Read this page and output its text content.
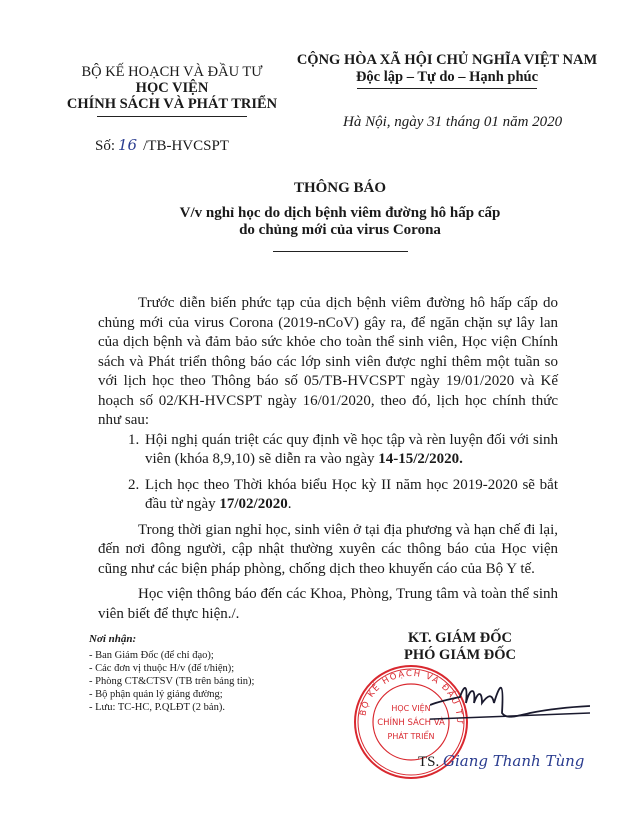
BỘ KẾ HOẠCH VÀ ĐẦU TƯ
HỌC VIỆN
CHÍNH SÁCH VÀ PHÁT TRIỂN
Số: 16 /TB-HVCSPT
CỘNG HÒA XÃ HỘI CHỦ NGHĨA VIỆT NAM
Độc lập – Tự do – Hạnh phúc
Hà Nội, ngày 31 tháng 01 năm 2020
THÔNG BÁO
V/v nghỉ học do dịch bệnh viêm đường hô hấp cấp
do chủng mới của virus Corona

Trước diễn biến phức tạp của dịch bệnh viêm đường hô hấp cấp do chủng mới của virus Corona (2019-nCoV) gây ra, để ngăn chặn sự lây lan của dịch bệnh và đảm bảo sức khỏe cho toàn thể sinh viên, Học viện Chính sách và Phát triển thông báo các lớp sinh viên được nghỉ thêm một tuần so với lịch học theo Thông báo số 05/TB-HVCSPT ngày 19/01/2020 và Kế hoạch số 02/KH-HVCSPT ngày 16/01/2020, theo đó, lịch học chính thức như sau:

1. Hội nghị quán triệt các quy định về học tập và rèn luyện đối với sinh viên (khóa 8,9,10) sẽ diễn ra vào ngày 14-15/2/2020.
2. Lịch học theo Thời khóa biểu Học kỳ II năm học 2019-2020 sẽ bắt đầu từ ngày 17/02/2020.

Trong thời gian nghỉ học, sinh viên ở tại địa phương và hạn chế đi lại, đến nơi đông người, cập nhật thường xuyên các thông báo của Học viện cũng như các biện pháp phòng, chống dịch theo khuyến cáo của Bộ Y tế.

Học viện thông báo đến các Khoa, Phòng, Trung tâm và toàn thể sinh viên biết để thực hiện./.

Nơi nhận:
- Ban Giám Đốc (để chỉ đạo);
- Các đơn vị thuộc H/v (để t/hiện);
- Phòng CT&CTSV (TB trên bảng tin);
- Bộ phận quản lý giảng đường;
- Lưu: TC-HC, P.QLĐT (2 bản).
KT. GIÁM ĐỐC
PHÓ GIÁM ĐỐC
BỘ KẾ HOẠCH VÀ ĐẦU TƯ
HỌC VIỆN
CHÍNH SÁCH VÀ
PHÁT TRIỂN
TS. Giang Thanh Tùng
